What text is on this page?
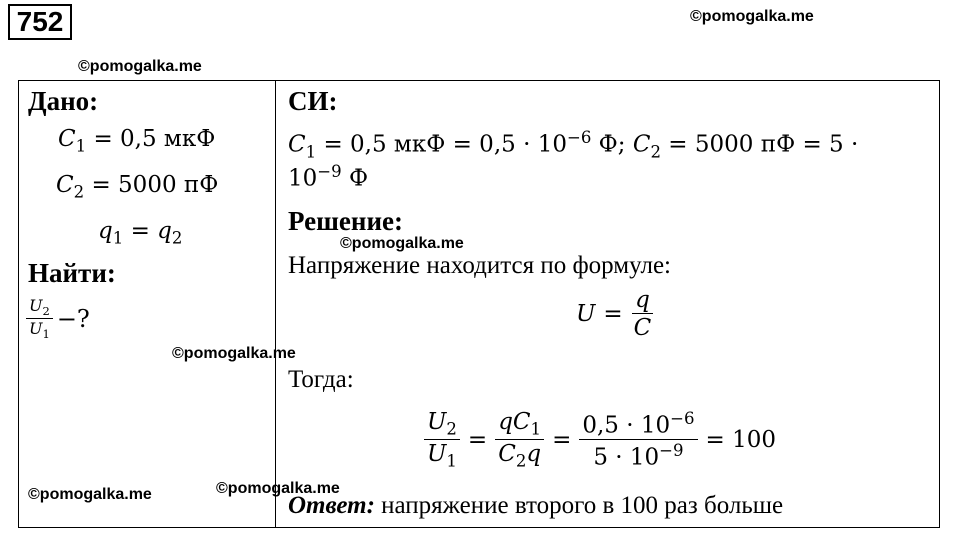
752	©pomogalka.me
©pomogalka.me
Дано:
$C_1 = 0,5$ мкФ
$C_2 = 5000$ пФ
$q_1 = q_2$
Найти:
$\frac{U_2}{U_1}$ −?
©pomogalka.me
©pomogalka.me	©pomogalka.me
СИ:
$C_1 = 0,5$ мкФ = $0,5 \cdot 10^{-6}$ Ф; $C_2 = 5000$ пФ = 5 ·
$10^{-9}$ Ф
Решение:
©pomogalka.me
Напряжение находится по формуле:
$U = \frac{q}{C}$
Тогда:
$\frac{U_2}{U_1} = \frac{qC_1}{C_2q} = \frac{0,5 \cdot 10^{-6}}{5 \cdot 10^{-9}} = 100$
Ответ: напряжение второго в 100 раз больше
